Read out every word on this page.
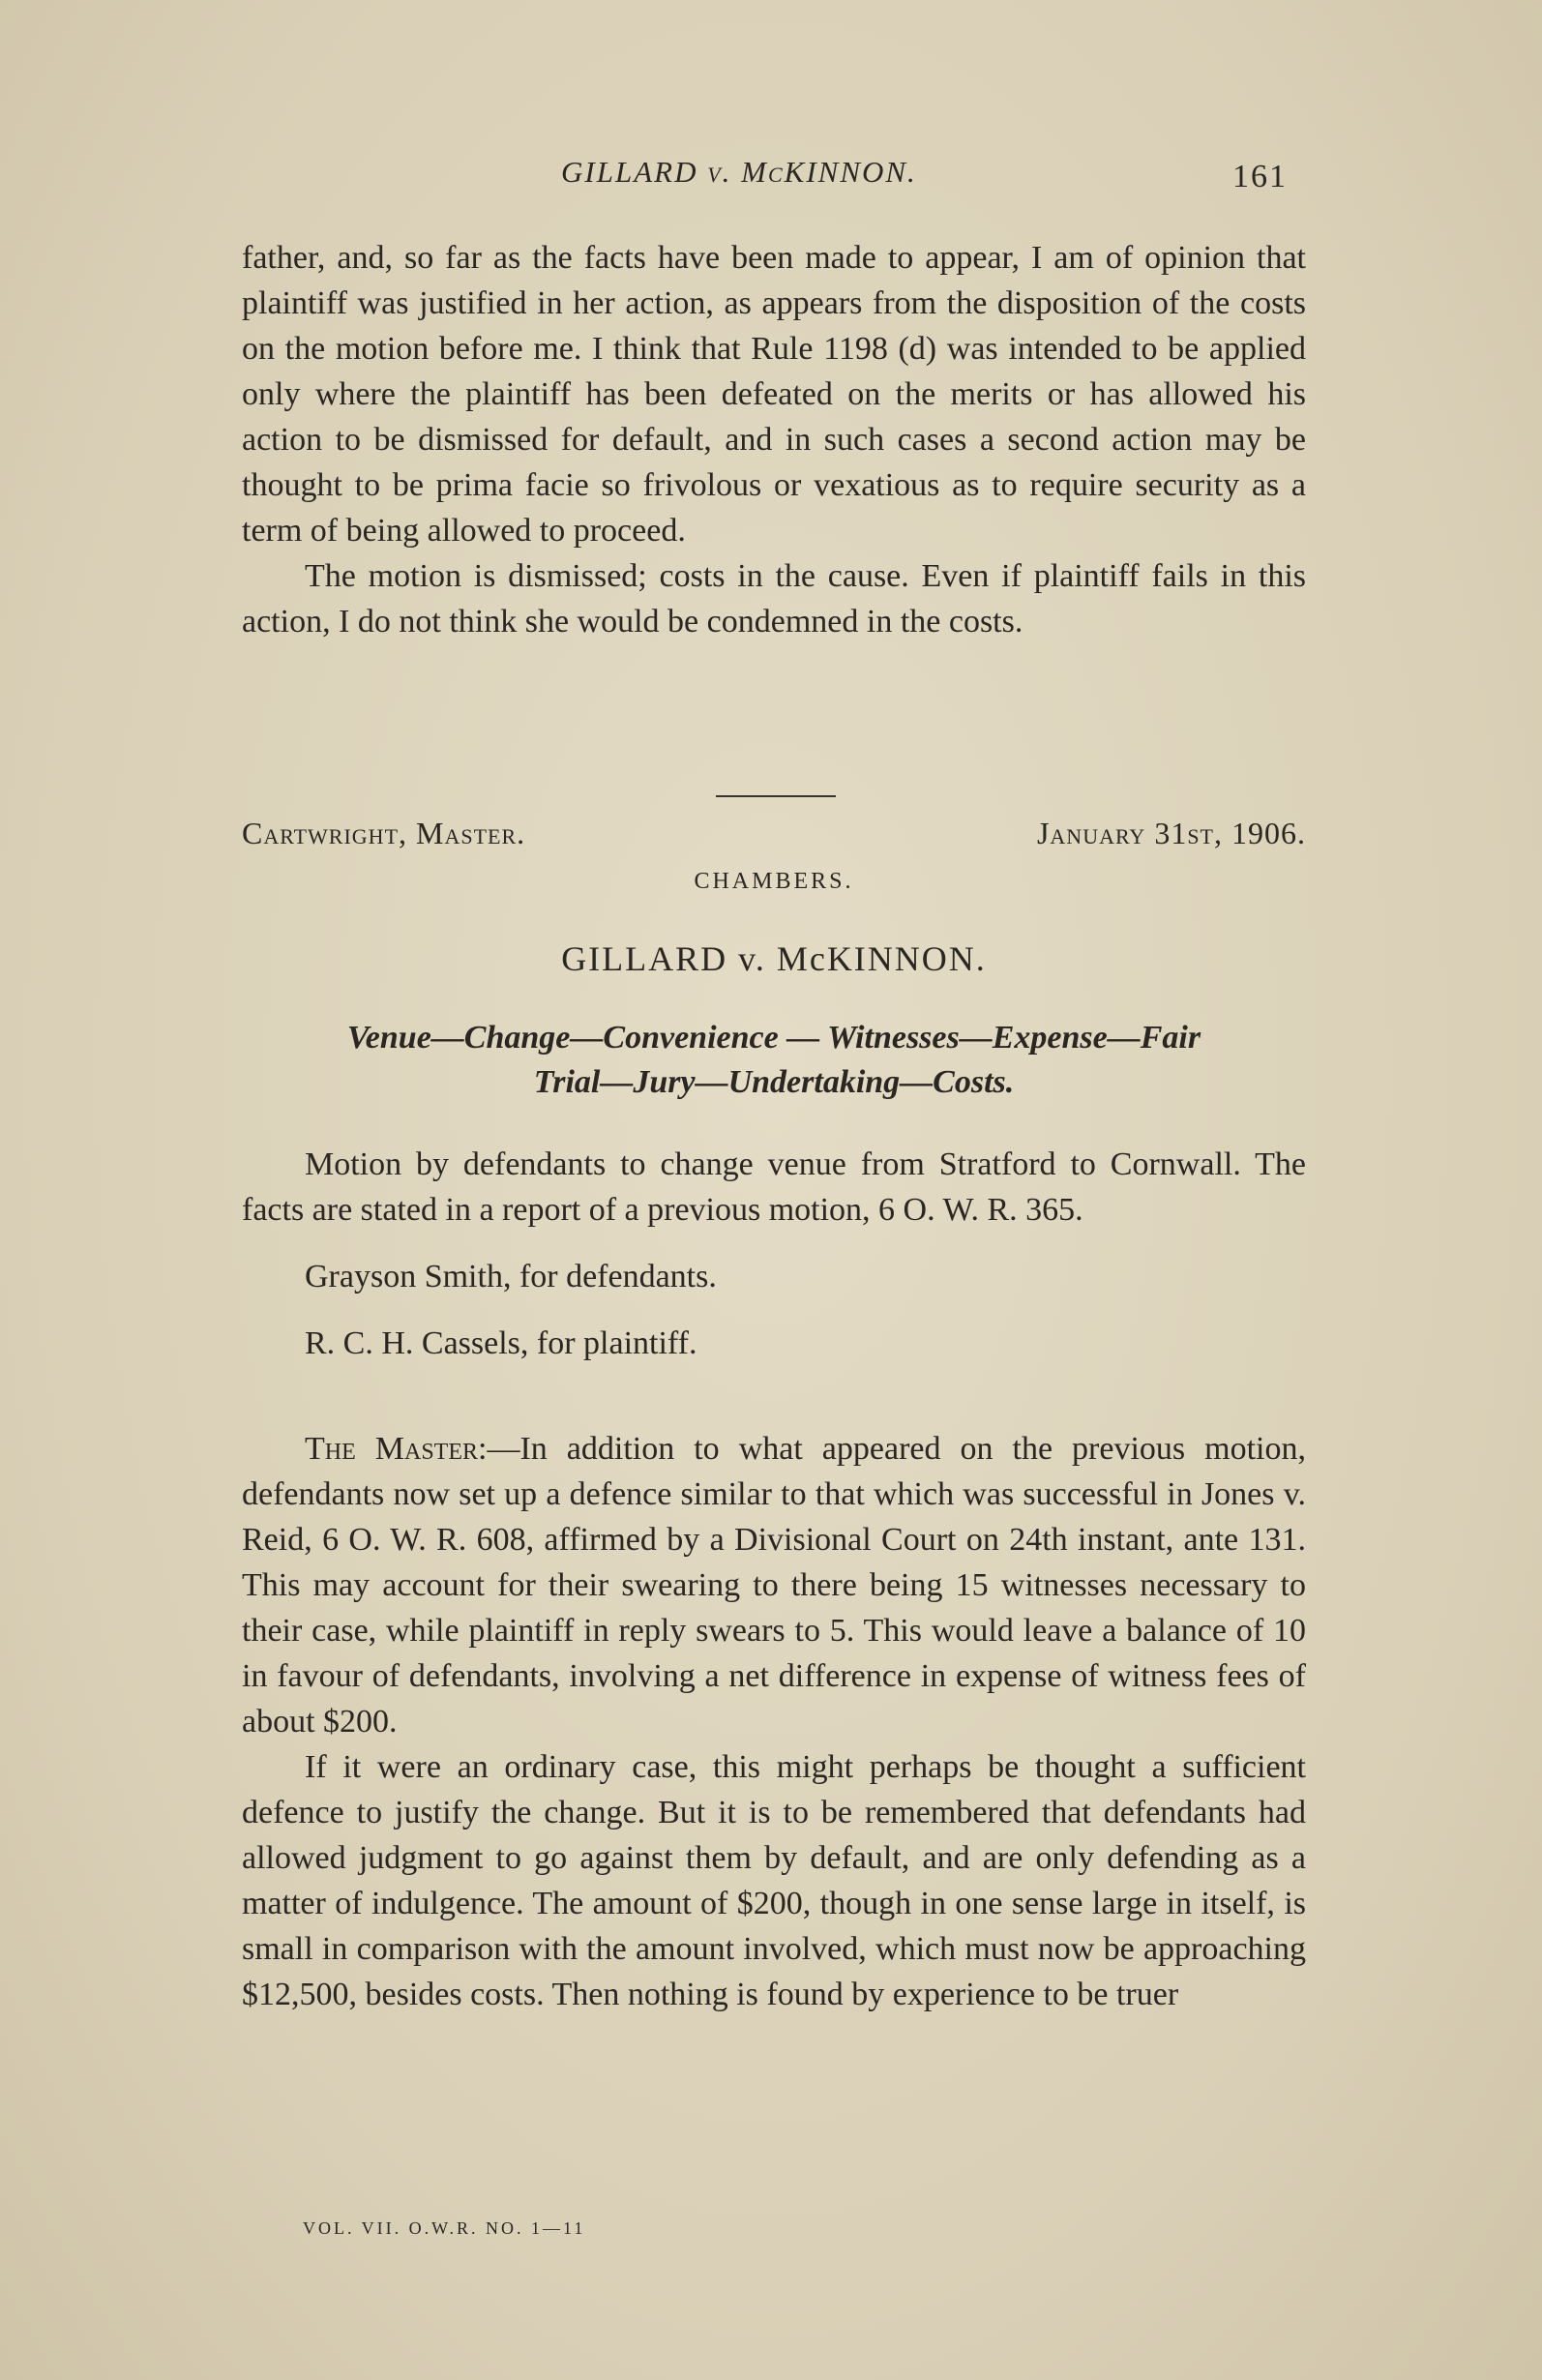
GILLARD v. McKINNON.	161

father, and, so far as the facts have been made to appear, I am of opinion that plaintiff was justified in her action, as appears from the disposition of the costs on the motion before me. I think that Rule 1198 (d) was intended to be applied only where the plaintiff has been defeated on the merits or has allowed his action to be dismissed for default, and in such cases a second action may be thought to be prima facie so frivolous or vexatious as to require security as a term of being allowed to proceed.

The motion is dismissed; costs in the cause. Even if plaintiff fails in this action, I do not think she would be condemned in the costs.

Cartwright, Master.	January 31st, 1906.
CHAMBERS.
GILLARD v. McKINNON.
Venue—Change—Convenience — Witnesses—Expense—Fair
Trial—Jury—Undertaking—Costs.

Motion by defendants to change venue from Stratford to Cornwall. The facts are stated in a report of a previous motion, 6 O. W. R. 365.

Grayson Smith, for defendants.

R. C. H. Cassels, for plaintiff.

The Master:—In addition to what appeared on the previous motion, defendants now set up a defence similar to that which was successful in Jones v. Reid, 6 O. W. R. 608, affirmed by a Divisional Court on 24th instant, ante 131. This may account for their swearing to there being 15 witnesses necessary to their case, while plaintiff in reply swears to 5. This would leave a balance of 10 in favour of defendants, involving a net difference in expense of witness fees of about $200.

If it were an ordinary case, this might perhaps be thought a sufficient defence to justify the change. But it is to be remembered that defendants had allowed judgment to go against them by default, and are only defending as a matter of indulgence. The amount of $200, though in one sense large in itself, is small in comparison with the amount involved, which must now be approaching $12,500, besides costs. Then nothing is found by experience to be truer

VOL. VII. O.W.R. NO. 1—11
